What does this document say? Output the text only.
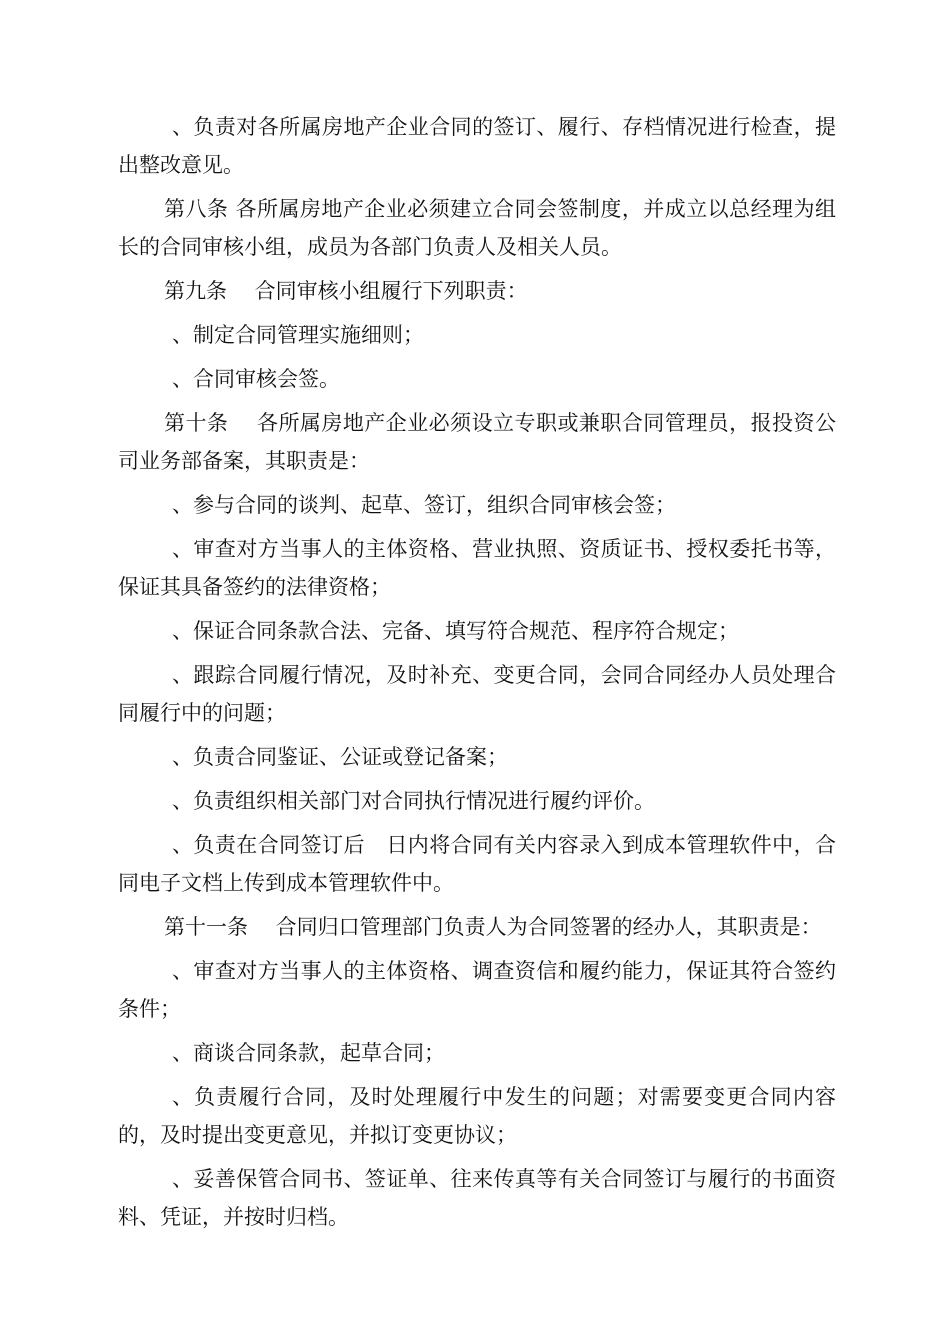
、负责对各所属房地产企业合同的签订、履行、存档情况进行检查，提出整改意见。

第八条 各所属房地产企业必须建立合同会签制度，并成立以总经理为组长的合同审核小组，成员为各部门负责人及相关人员。

第九条　 合同审核小组履行下列职责：

、制定合同管理实施细则；

、合同审核会签。

第十条　 各所属房地产企业必须设立专职或兼职合同管理员，报投资公司业务部备案，其职责是：

、参与合同的谈判、起草、签订，组织合同审核会签；

、审查对方当事人的主体资格、营业执照、资质证书、授权委托书等，保证其具备签约的法律资格；

、保证合同条款合法、完备、填写符合规范、程序符合规定；

、跟踪合同履行情况，及时补充、变更合同，会同合同经办人员处理合同履行中的问题；

、负责合同鉴证、公证或登记备案；

、负责组织相关部门对合同执行情况进行履约评价。

、负责在合同签订后　日内将合同有关内容录入到成本管理软件中，合同电子文档上传到成本管理软件中。

第十一条　 合同归口管理部门负责人为合同签署的经办人，其职责是：

、审查对方当事人的主体资格、调查资信和履约能力，保证其符合签约条件；

、商谈合同条款，起草合同；

、负责履行合同，及时处理履行中发生的问题；对需要变更合同内容的，及时提出变更意见，并拟订变更协议；

、妥善保管合同书、签证单、往来传真等有关合同签订与履行的书面资料、凭证，并按时归档。
